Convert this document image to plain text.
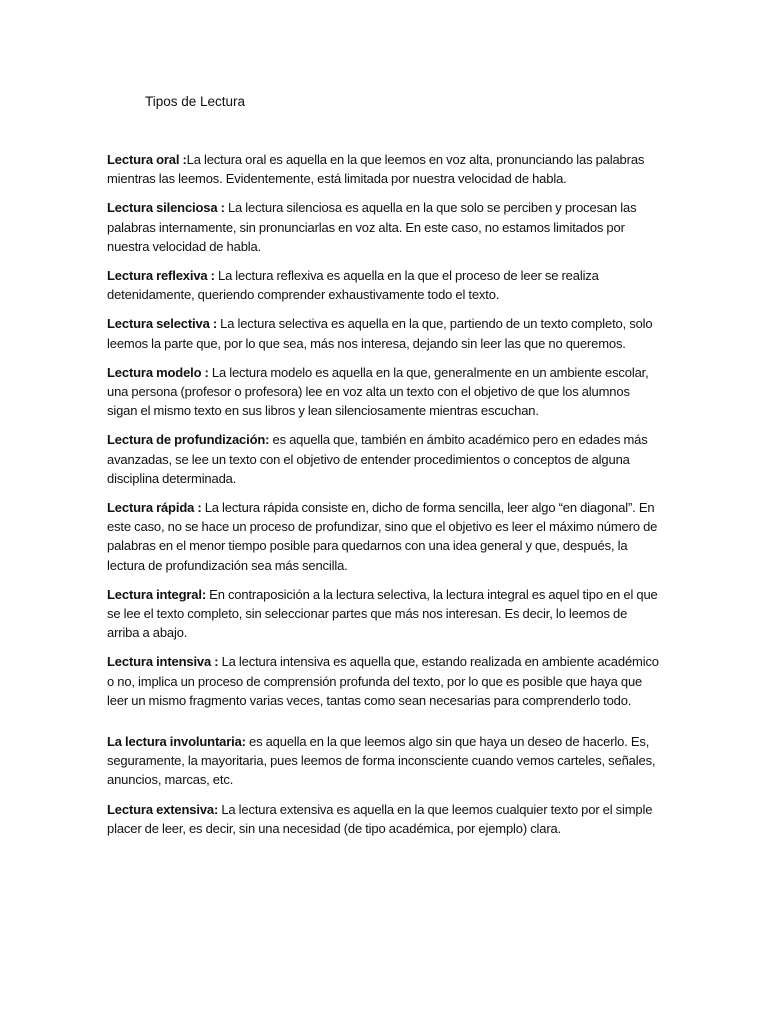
Tipos de Lectura

Lectura oral :La lectura oral es aquella en la que leemos en voz alta, pronunciando las palabras mientras las leemos. Evidentemente, está limitada por nuestra velocidad de habla.

Lectura silenciosa : La lectura silenciosa es aquella en la que solo se perciben y procesan las palabras internamente, sin pronunciarlas en voz alta. En este caso, no estamos limitados por nuestra velocidad de habla.

Lectura reflexiva : La lectura reflexiva es aquella en la que el proceso de leer se realiza detenidamente, queriendo comprender exhaustivamente todo el texto.

Lectura selectiva : La lectura selectiva es aquella en la que, partiendo de un texto completo, solo leemos la parte que, por lo que sea, más nos interesa, dejando sin leer las que no queremos.

Lectura modelo : La lectura modelo es aquella en la que, generalmente en un ambiente escolar, una persona (profesor o profesora) lee en voz alta un texto con el objetivo de que los alumnos sigan el mismo texto en sus libros y lean silenciosamente mientras escuchan.

Lectura de profundización: es aquella que, también en ámbito académico pero en edades más avanzadas, se lee un texto con el objetivo de entender procedimientos o conceptos de alguna disciplina determinada.

Lectura rápida : La lectura rápida consiste en, dicho de forma sencilla, leer algo “en diagonal”. En este caso, no se hace un proceso de profundizar, sino que el objetivo es leer el máximo número de palabras en el menor tiempo posible para quedarnos con una idea general y que, después, la lectura de profundización sea más sencilla.

Lectura integral: En contraposición a la lectura selectiva, la lectura integral es aquel tipo en el que se lee el texto completo, sin seleccionar partes que más nos interesan. Es decir, lo leemos de arriba a abajo.

Lectura intensiva : La lectura intensiva es aquella que, estando realizada en ambiente académico o no, implica un proceso de comprensión profunda del texto, por lo que es posible que haya que leer un mismo fragmento varias veces, tantas como sean necesarias para comprenderlo todo.

La lectura involuntaria: es aquella en la que leemos algo sin que haya un deseo de hacerlo. Es, seguramente, la mayoritaria, pues leemos de forma inconsciente cuando vemos carteles, señales, anuncios, marcas, etc.

Lectura extensiva: La lectura extensiva es aquella en la que leemos cualquier texto por el simple placer de leer, es decir, sin una necesidad (de tipo académica, por ejemplo) clara.
